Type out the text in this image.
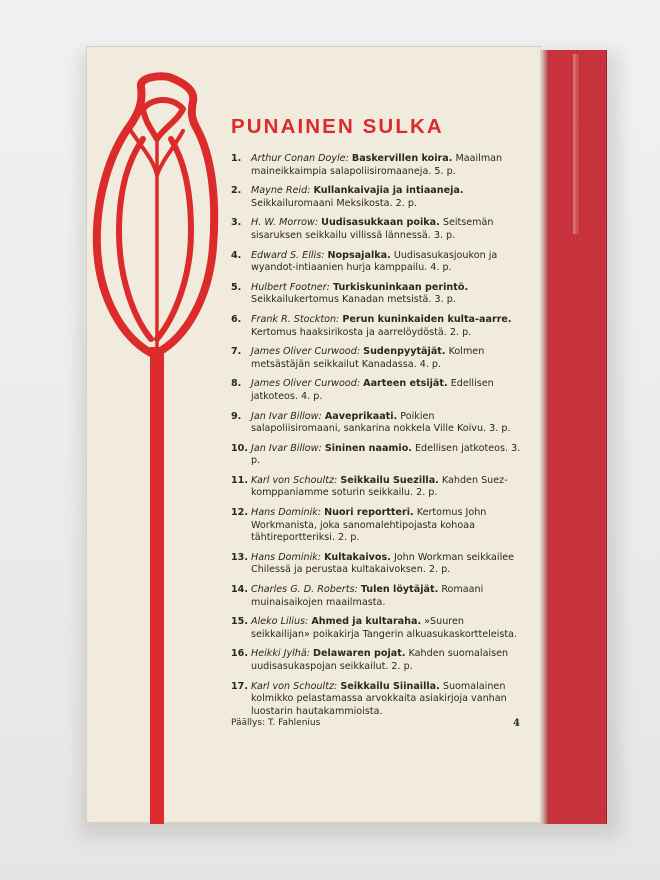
PUNAINEN SULKA
1. Arthur Conan Doyle: Baskervillen koira. Maailman maineikkaimpia salapoliisiromaaneja. 5. p.
2. Mayne Reid: Kullankaivajia ja intiaaneja. Seikkailuromaani Meksikosta. 2. p.
3. H. W. Morrow: Uudisasukkaan poika. Seitsemän sisaruksen seikkailu villissä lännessä. 3. p.
4. Edward S. Ellis: Nopsajalka. Uudisasukasjoukon ja wyandot-intiaanien hurja kamppailu. 4. p.
5. Hulbert Footner: Turkiskuninkaan perintö. Seikkailukertomus Kanadan metsistä. 3. p.
6. Frank R. Stockton: Perun kuninkaiden kulta-aarre. Kertomus haaksirikosta ja aarrelöydöstä. 2. p.
7. James Oliver Curwood: Sudenpyytäjät. Kolmen metsästäjän seikkailut Kanadassa. 4. p.
8. James Oliver Curwood: Aarteen etsijät. Edellisen jatkoteos. 4. p.
9. Jan Ivar Billow: Aaveprikaati. Poikien salapoliisiromaani, sankarina nokkela Ville Koivu. 3. p.
10. Jan Ivar Billow: Sininen naamio. Edellisen jatkoteos. 3. p.
11. Karl von Schoultz: Seikkailu Suezilla. Kahden Suez-komppaniamme soturin seikkailu. 2. p.
12. Hans Dominik: Nuori reportteri. Kertomus John Workmanista, joka sanomalehtipojasta kohoaa tähtireportteriksi. 2. p.
13. Hans Dominik: Kultakaivos. John Workman seikkailee Chilessä ja perustaa kultakaivoksen. 2. p.
14. Charles G. D. Roberts: Tulen löytäjät. Romaani muinaisaikojen maailmasta.
15. Aleko Lilius: Ahmed ja kultaraha. »Suuren seikkailijan» poikakirja Tangerin alkuasukaskortteleista.
16. Heikki Jylhä: Delawaren pojat. Kahden suomalaisen uudisasukaspojan seikkailut. 2. p.
17. Karl von Schoultz: Seikkailu Siinailla. Suomalainen kolmikko pelastamassa arvokkaita asiakirjoja vanhan luostarin hautakammioista.
Päällys: T. Fahlenius	4
